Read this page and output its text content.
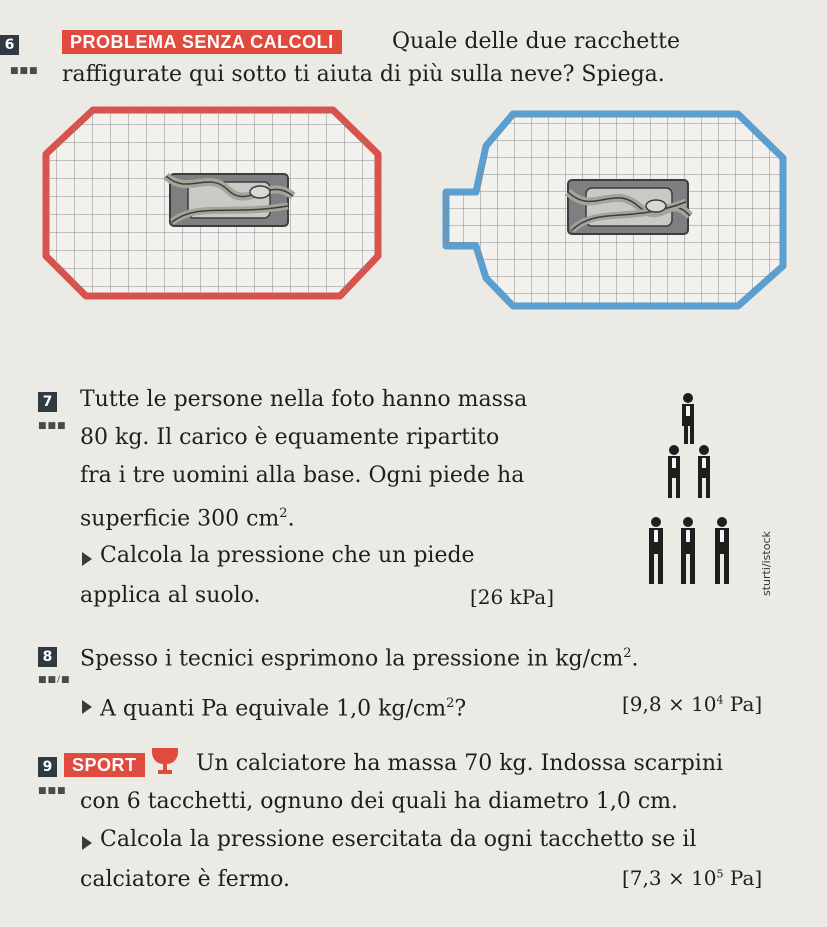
6
■■■
PROBLEMA SENZA CALCOLI	Quale delle due racchette
raffigurate qui sotto ti aiuta di più sulla neve? Spiega.
7
■■■
Tutte le persone nella foto hanno massa
80 kg. Il carico è equamente ripartito
fra i tre uomini alla base. Ogni piede ha
superficie 300 $cm^2$.
Calcola la pressione che un piede
applica al suolo.	[26 kPa]
sturti/istock
8
■■/■
Spesso i tecnici esprimono la pressione in $kg/cm^2$.
A quanti Pa equivale 1,0 $kg/cm^2$?	[$9,8 \times 10^4$ Pa]
9
■■■
SPORT	Un calciatore ha massa 70 kg. Indossa scarpini
con 6 tacchetti, ognuno dei quali ha diametro 1,0 cm.
Calcola la pressione esercitata da ogni tacchetto se il
calciatore è fermo.	[$7,3 \times 10^5$ Pa]
